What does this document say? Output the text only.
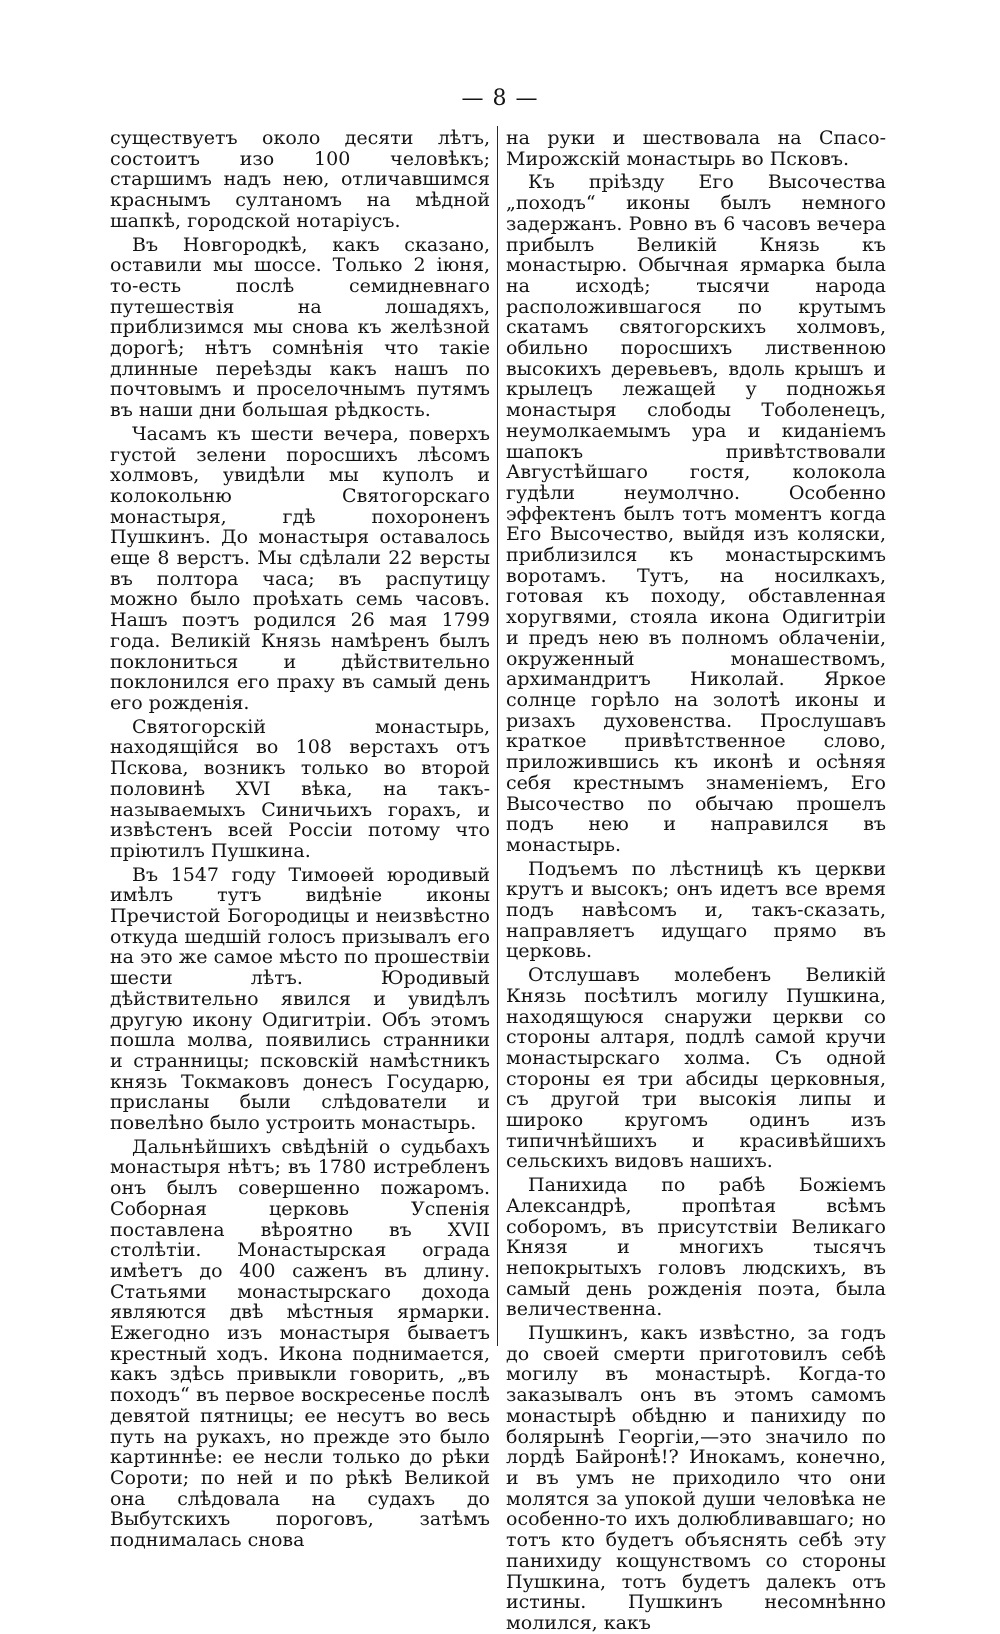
— 8 —

существуетъ около десяти лѣтъ, состоитъ изо 100 человѣкъ; старшимъ надъ нею, отличавшимся краснымъ султаномъ на мѣдной шапкѣ, городской нотаріусъ.

Въ Новгородкѣ, какъ сказано, оставили мы шоссе. Только 2 іюня, то-есть послѣ семидневнаго путешествія на лошадяхъ, приблизимся мы снова къ желѣзной дорогѣ; нѣтъ сомнѣнія что такіе длинные переѣзды какъ нашъ по почтовымъ и проселочнымъ путямъ въ наши дни большая рѣдкость.

Часамъ къ шести вечера, поверхъ густой зелени поросшихъ лѣсомъ холмовъ, увидѣли мы куполъ и колокольню Святогорскаго монастыря, гдѣ похороненъ Пушкинъ. До монастыря оставалось еще 8 верстъ. Мы сдѣлали 22 версты въ полтора часа; въ распутицу можно было проѣхать семь часовъ. Нашъ поэтъ родился 26 мая 1799 года. Великій Князь намѣренъ былъ поклониться и дѣйствительно поклонился его праху въ самый день его рожденія.

Святогорскій монастырь, находящійся во 108 верстахъ отъ Пскова, возникъ только во второй половинѣ XVI вѣка, на такъ-называемыхъ Синичьихъ горахъ, и извѣстенъ всей Россіи потому что пріютилъ Пушкина.

Въ 1547 году Тимоѳей юродивый имѣлъ тутъ видѣніе иконы Пречистой Богородицы и неизвѣстно откуда шедшій голосъ призывалъ его на это же самое мѣсто по прошествіи шести лѣтъ. Юродивый дѣйствительно явился и увидѣлъ другую икону Одигитріи. Объ этомъ пошла молва, появились странники и странницы; псковскій намѣстникъ князь Токмаковъ донесъ Государю, присланы были слѣдователи и повелѣно было устроить монастырь.

Дальнѣйшихъ свѣдѣній о судьбахъ монастыря нѣтъ; въ 1780 истребленъ онъ былъ совершенно пожаромъ. Соборная церковь Успенія поставлена вѣроятно въ XVII столѣтіи. Монастырская ограда имѣетъ до 400 саженъ въ длину. Статьями монастырскаго дохода являются двѣ мѣстныя ярмарки. Ежегодно изъ монастыря бываетъ крестный ходъ. Икона поднимается, какъ здѣсь привыкли говорить, „въ походъ“ въ первое воскресенье послѣ девятой пятницы; ее несутъ во весь путь на рукахъ, но прежде это было картиннѣе: ее несли только до рѣки Сороти; по ней и по рѣкѣ Великой она слѣдовала на судахъ до Выбутскихъ пороговъ, затѣмъ поднималась снова

на руки и шествовала на Спасо-Мирожскій монастырь во Псковъ.

Къ пріѣзду Его Высочества „походъ“ иконы былъ немного задержанъ. Ровно въ 6 часовъ вечера прибылъ Великій Князь къ монастырю. Обычная ярмарка была на исходѣ; тысячи народа расположившагося по крутымъ скатамъ святогорскихъ холмовъ, обильно поросшихъ лиственною высокихъ деревьевъ, вдоль крышъ и крылецъ лежащей у подножья монастыря слободы Тоболенецъ, неумолкаемымъ ура и киданіемъ шапокъ привѣтствовали Августѣйшаго гостя, колокола гудѣли неумолчно. Особенно эффектенъ былъ тотъ моментъ когда Его Высочество, выйдя изъ коляски, приблизился къ монастырскимъ воротамъ. Тутъ, на носилкахъ, готовая къ походу, обставленная хоругвями, стояла икона Одигитріи и предъ нею въ полномъ облаченіи, окруженный монашествомъ, архимандритъ Николай. Яркое солнце горѣло на золотѣ иконы и ризахъ духовенства. Прослушавъ краткое привѣтственное слово, приложившись къ иконѣ и осѣняя себя крестнымъ знаменіемъ, Его Высочество по обычаю прошелъ подъ нею и направился въ монастырь.

Подъемъ по лѣстницѣ къ церкви крутъ и высокъ; онъ идетъ все время подъ навѣсомъ и, такъ-сказать, направляетъ идущаго прямо въ церковь.

Отслушавъ молебенъ Великій Князь посѣтилъ могилу Пушкина, находящуюся снаружи церкви со стороны алтаря, подлѣ самой кручи монастырскаго холма. Съ одной стороны ея три абсиды церковныя, съ другой три высокія липы и широко кругомъ одинъ изъ типичнѣйшихъ и красивѣйшихъ сельскихъ видовъ нашихъ.

Панихида по рабѣ Божіемъ Александрѣ, пропѣтая всѣмъ соборомъ, въ присутствіи Великаго Князя и многихъ тысячъ непокрытыхъ головъ людскихъ, въ самый день рожденія поэта, была величественна.

Пушкинъ, какъ извѣстно, за годъ до своей смерти приготовилъ себѣ могилу въ монастырѣ. Когда-то заказывалъ онъ въ этомъ самомъ монастырѣ обѣдню и панихиду по болярынѣ Георгіи,—это значило по лордѣ Байронѣ!? Инокамъ, конечно, и въ умъ не приходило что они молятся за упокой души человѣка не особенно-то ихъ долюбливавшаго; но тотъ кто будетъ объяснять себѣ эту панихиду кощунствомъ со стороны Пушкина, тотъ будетъ далекъ отъ истины. Пушкинъ несомнѣнно молился, какъ
